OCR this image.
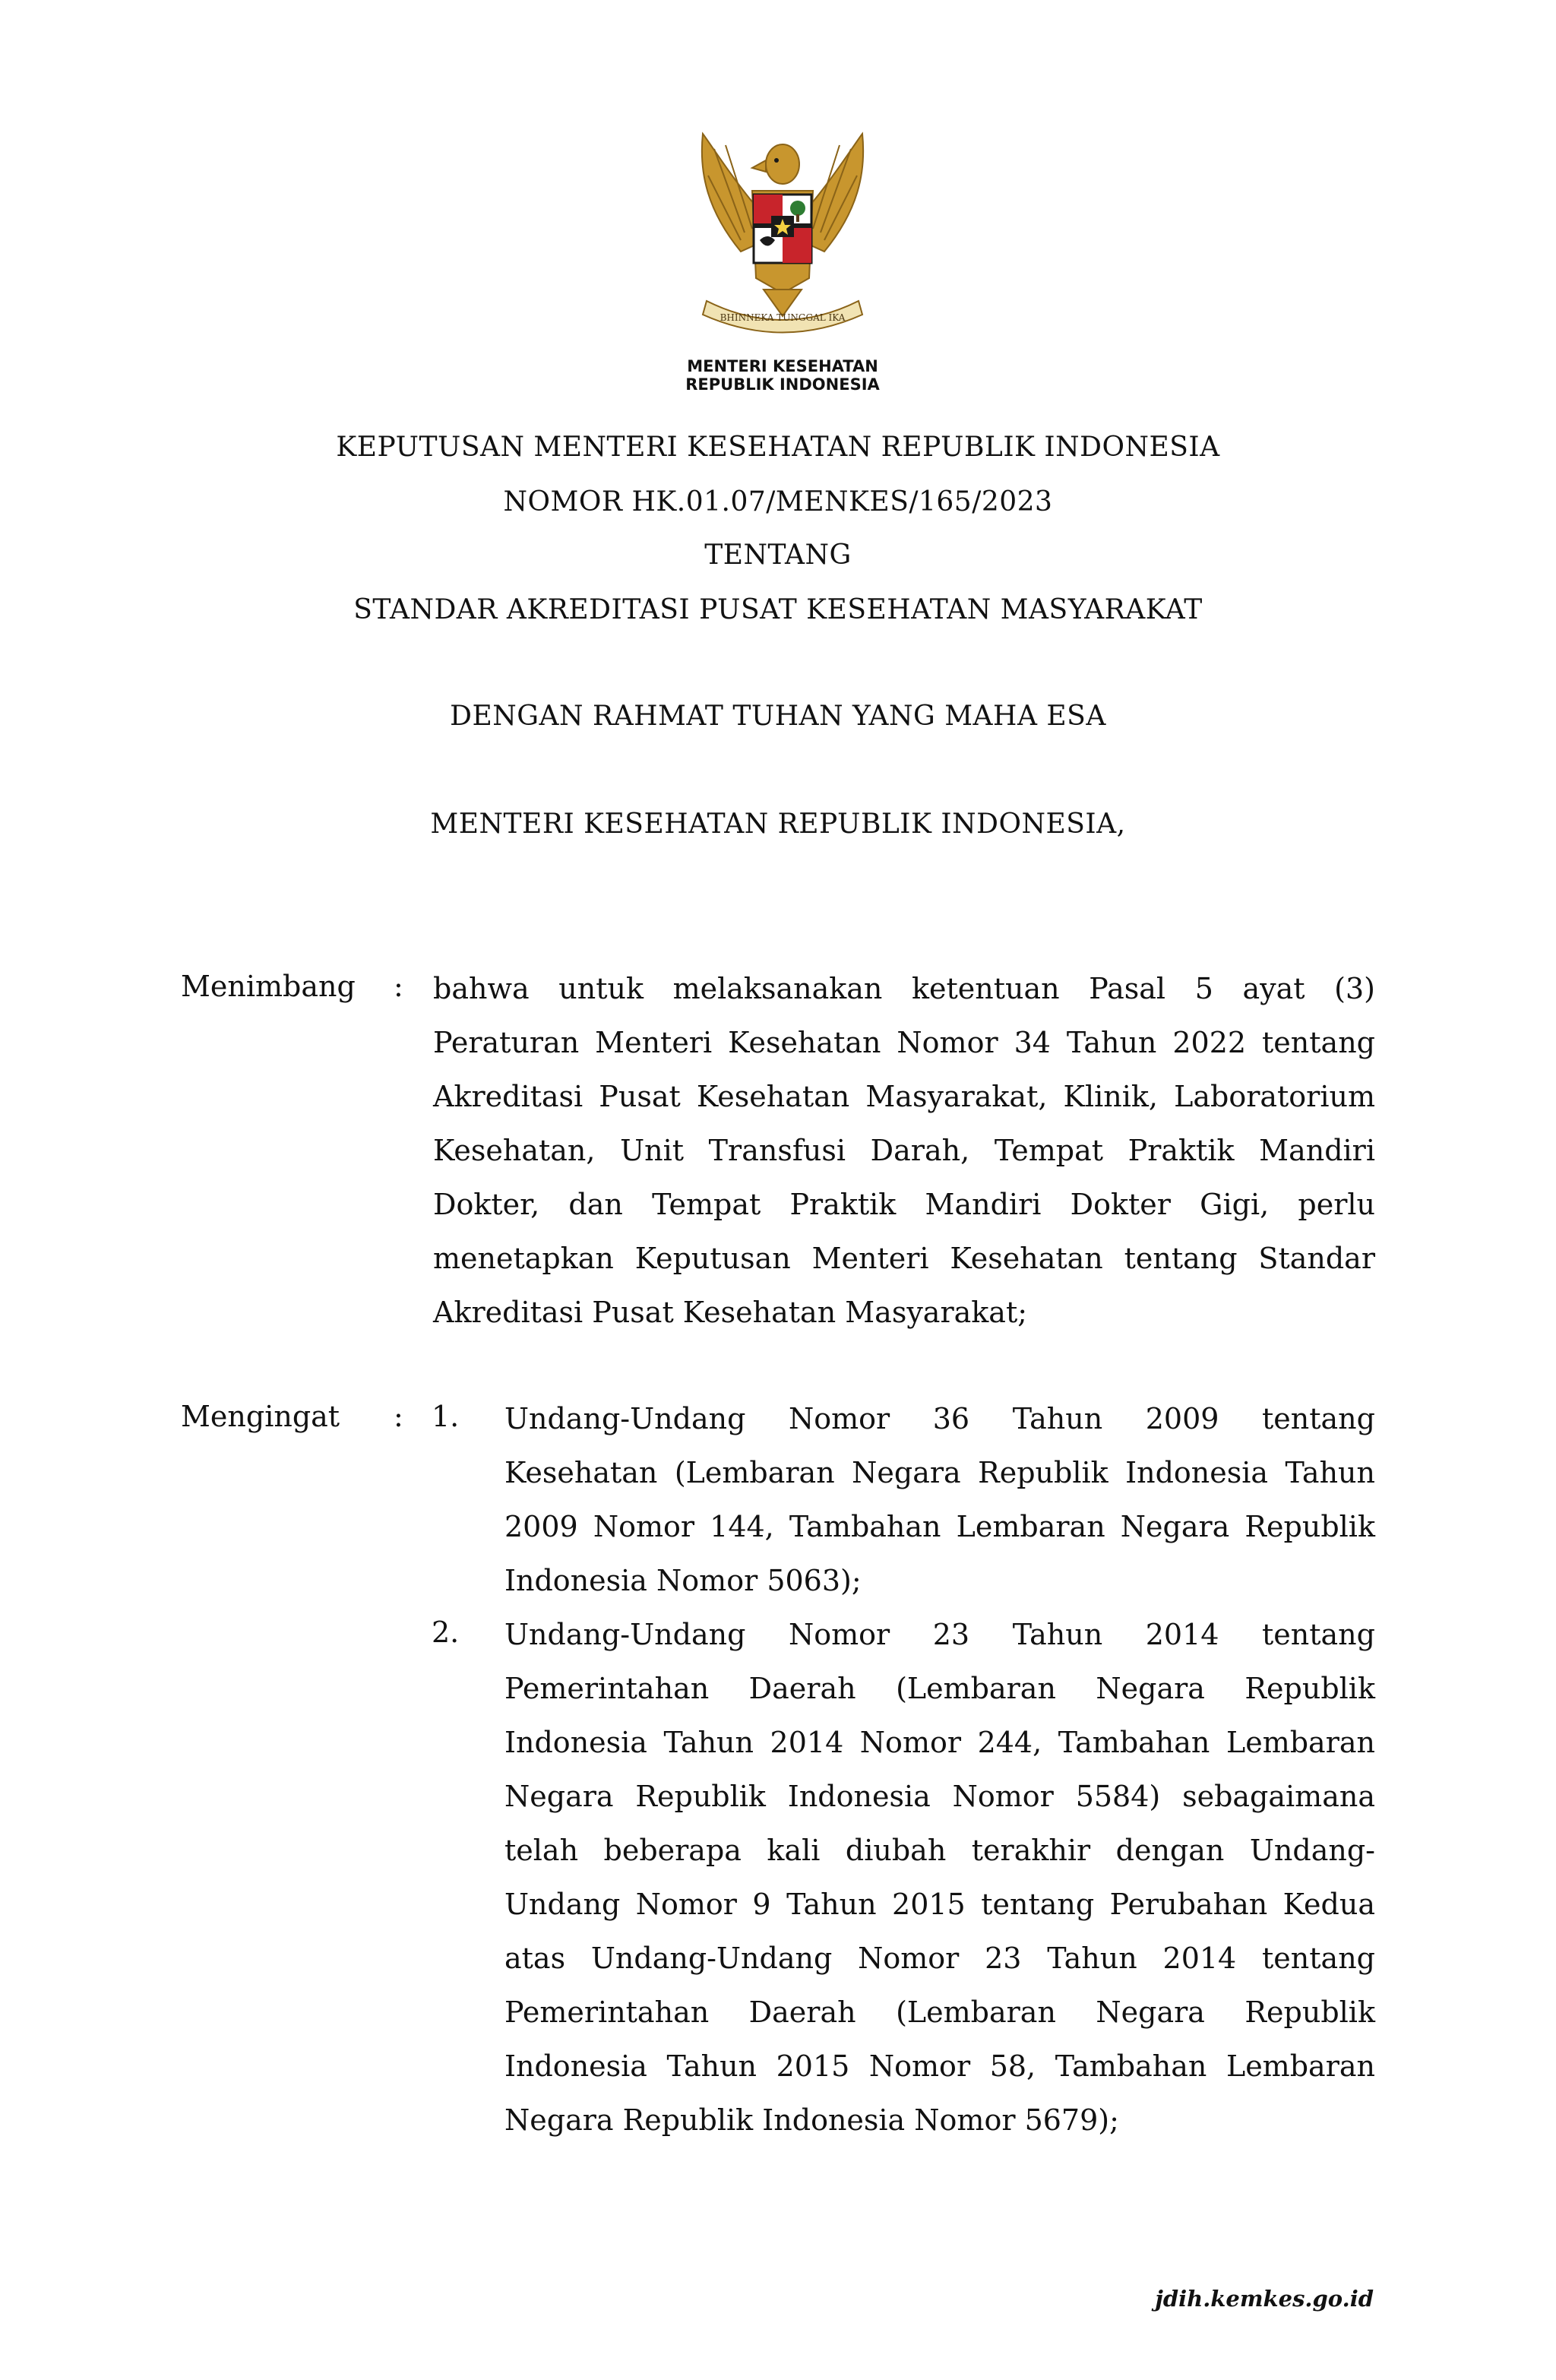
BHINNEKA TUNGGAL IKA
MENTERI KESEHATAN
REPUBLIK INDONESIA
KEPUTUSAN MENTERI KESEHATAN REPUBLIK INDONESIA
NOMOR HK.01.07/MENKES/165/2023
TENTANG
STANDAR AKREDITASI PUSAT KESEHATAN MASYARAKAT
DENGAN RAHMAT TUHAN YANG MAHA ESA
MENTERI KESEHATAN REPUBLIK INDONESIA,
Menimbang : bahwa untuk melaksanakan ketentuan Pasal 5 ayat (3)
Peraturan Menteri Kesehatan Nomor 34 Tahun 2022 tentang
Akreditasi Pusat Kesehatan Masyarakat, Klinik, Laboratorium
Kesehatan, Unit Transfusi Darah, Tempat Praktik Mandiri
Dokter, dan Tempat Praktik Mandiri Dokter Gigi, perlu
menetapkan Keputusan Menteri Kesehatan tentang Standar
Akreditasi Pusat Kesehatan Masyarakat;
Mengingat : 1. Undang-Undang Nomor 36 Tahun 2009 tentang
Kesehatan (Lembaran Negara Republik Indonesia Tahun
2009 Nomor 144, Tambahan Lembaran Negara Republik
Indonesia Nomor 5063);
2. Undang-Undang Nomor 23 Tahun 2014 tentang
Pemerintahan Daerah (Lembaran Negara Republik
Indonesia Tahun 2014 Nomor 244, Tambahan Lembaran
Negara Republik Indonesia Nomor 5584) sebagaimana
telah beberapa kali diubah terakhir dengan Undang-
Undang Nomor 9 Tahun 2015 tentang Perubahan Kedua
atas Undang-Undang Nomor 23 Tahun 2014 tentang
Pemerintahan Daerah (Lembaran Negara Republik
Indonesia Tahun 2015 Nomor 58, Tambahan Lembaran
Negara Republik Indonesia Nomor 5679);
jdih.kemkes.go.id
